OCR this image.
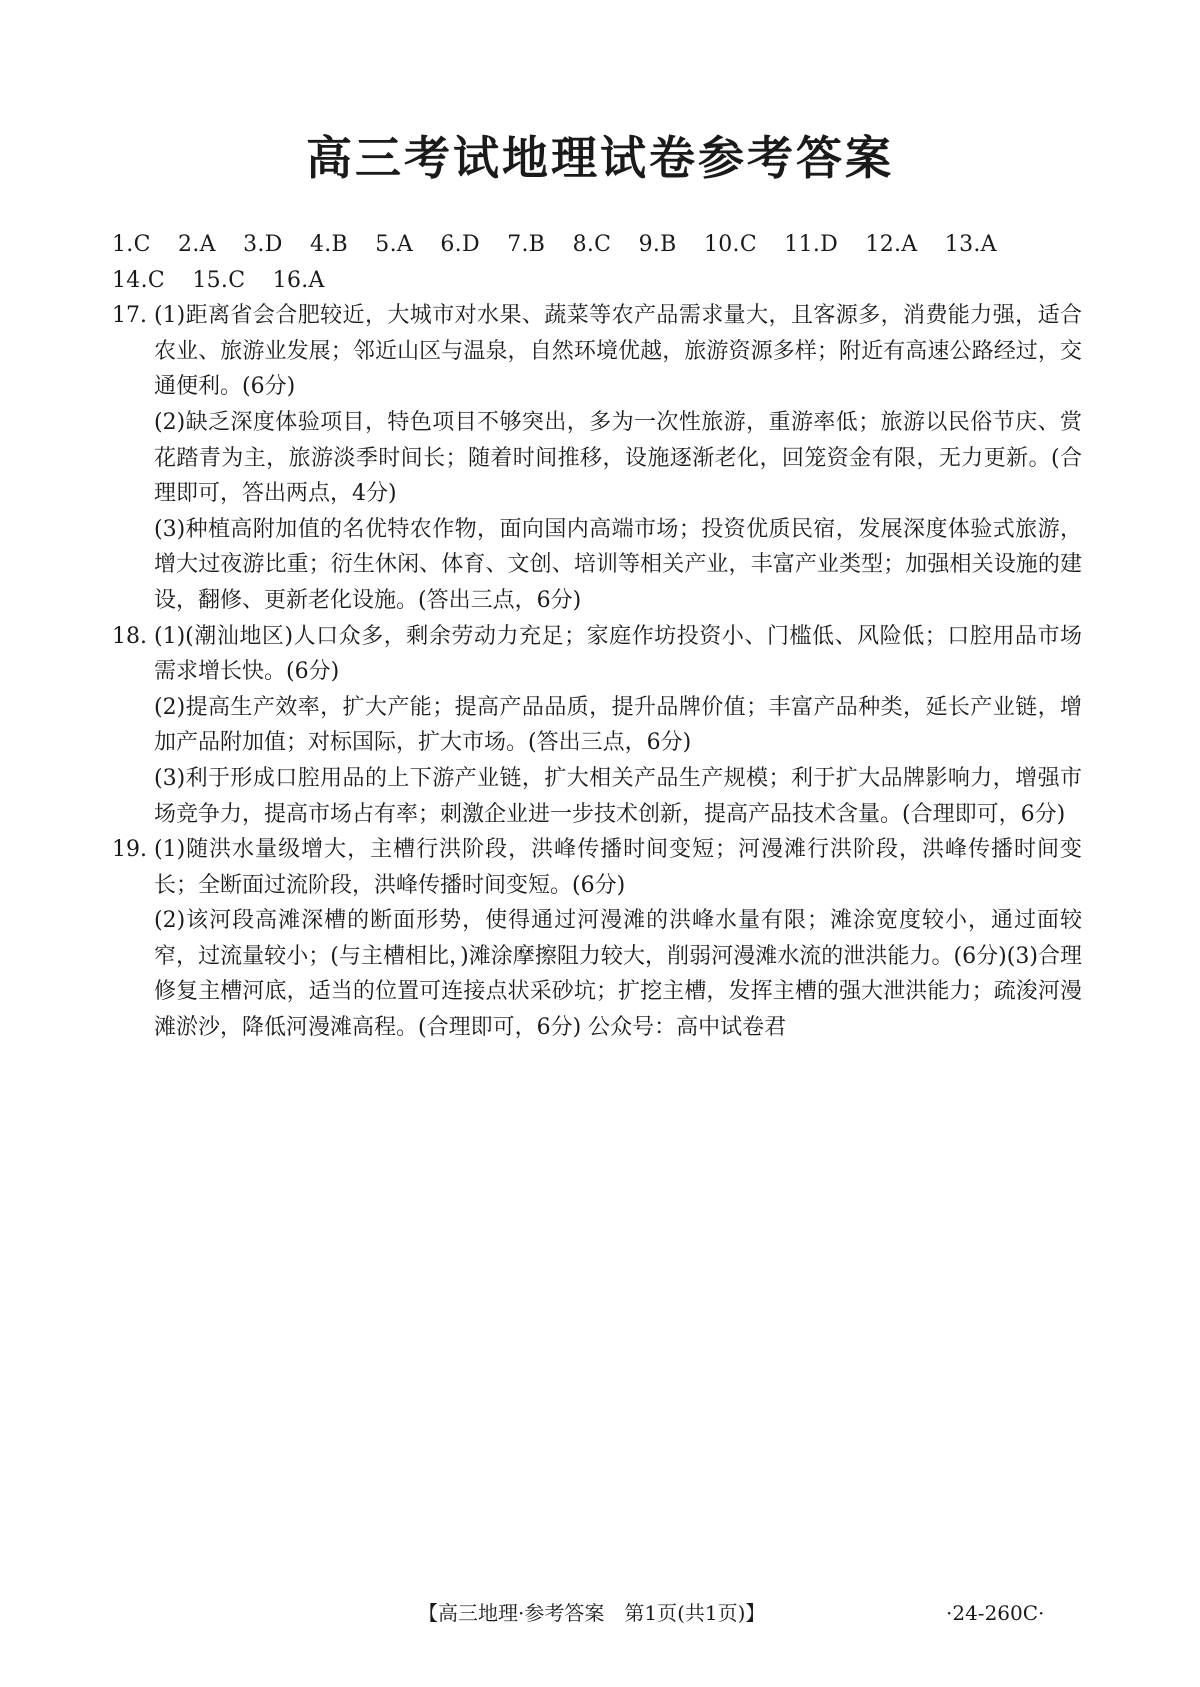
高三考试地理试卷参考答案

1.C 2.A 3.D 4.B 5.A 6.D 7.B 8.C 9.B 10.C 11.D 12.A 13.A 14.C 15.C 16.A

17. (1)距离省会合肥较近，大城市对水果、蔬菜等农产品需求量大，且客源多，消费能力强，适合农业、旅游业发展；邻近山区与温泉，自然环境优越，旅游资源多样；附近有高速公路经过，交通便利。(6分)

(2)缺乏深度体验项目，特色项目不够突出，多为一次性旅游，重游率低；旅游以民俗节庆、赏花踏青为主，旅游淡季时间长；随着时间推移，设施逐渐老化，回笼资金有限，无力更新。(合理即可，答出两点，4分)

(3)种植高附加值的名优特农作物，面向国内高端市场；投资优质民宿，发展深度体验式旅游，增大过夜游比重；衍生休闲、体育、文创、培训等相关产业，丰富产业类型；加强相关设施的建设，翻修、更新老化设施。(答出三点，6分)

18. (1)(潮汕地区)人口众多，剩余劳动力充足；家庭作坊投资小、门槛低、风险低；口腔用品市场需求增长快。(6分)

(2)提高生产效率，扩大产能；提高产品品质，提升品牌价值；丰富产品种类，延长产业链，增加产品附加值；对标国际，扩大市场。(答出三点，6分)

(3)利于形成口腔用品的上下游产业链，扩大相关产品生产规模；利于扩大品牌影响力，增强市场竞争力，提高市场占有率；刺激企业进一步技术创新，提高产品技术含量。(合理即可，6分)

19. (1)随洪水量级增大，主槽行洪阶段，洪峰传播时间变短；河漫滩行洪阶段，洪峰传播时间变长；全断面过流阶段，洪峰传播时间变短。(6分)

(2)该河段高滩深槽的断面形势，使得通过河漫滩的洪峰水量有限；滩涂宽度较小，通过面较窄，过流量较小；(与主槽相比，)滩涂摩擦阻力较大，削弱河漫滩水流的泄洪能力。(6分)(3)合理修复主槽河底，适当的位置可连接点状采砂坑；扩挖主槽，发挥主槽的强大泄洪能力；疏浚河漫滩淤沙，降低河漫滩高程。(合理即可，6分) 公众号：高中试卷君

【高三地理·参考答案　第1页(共1页)】	·24-260C·
